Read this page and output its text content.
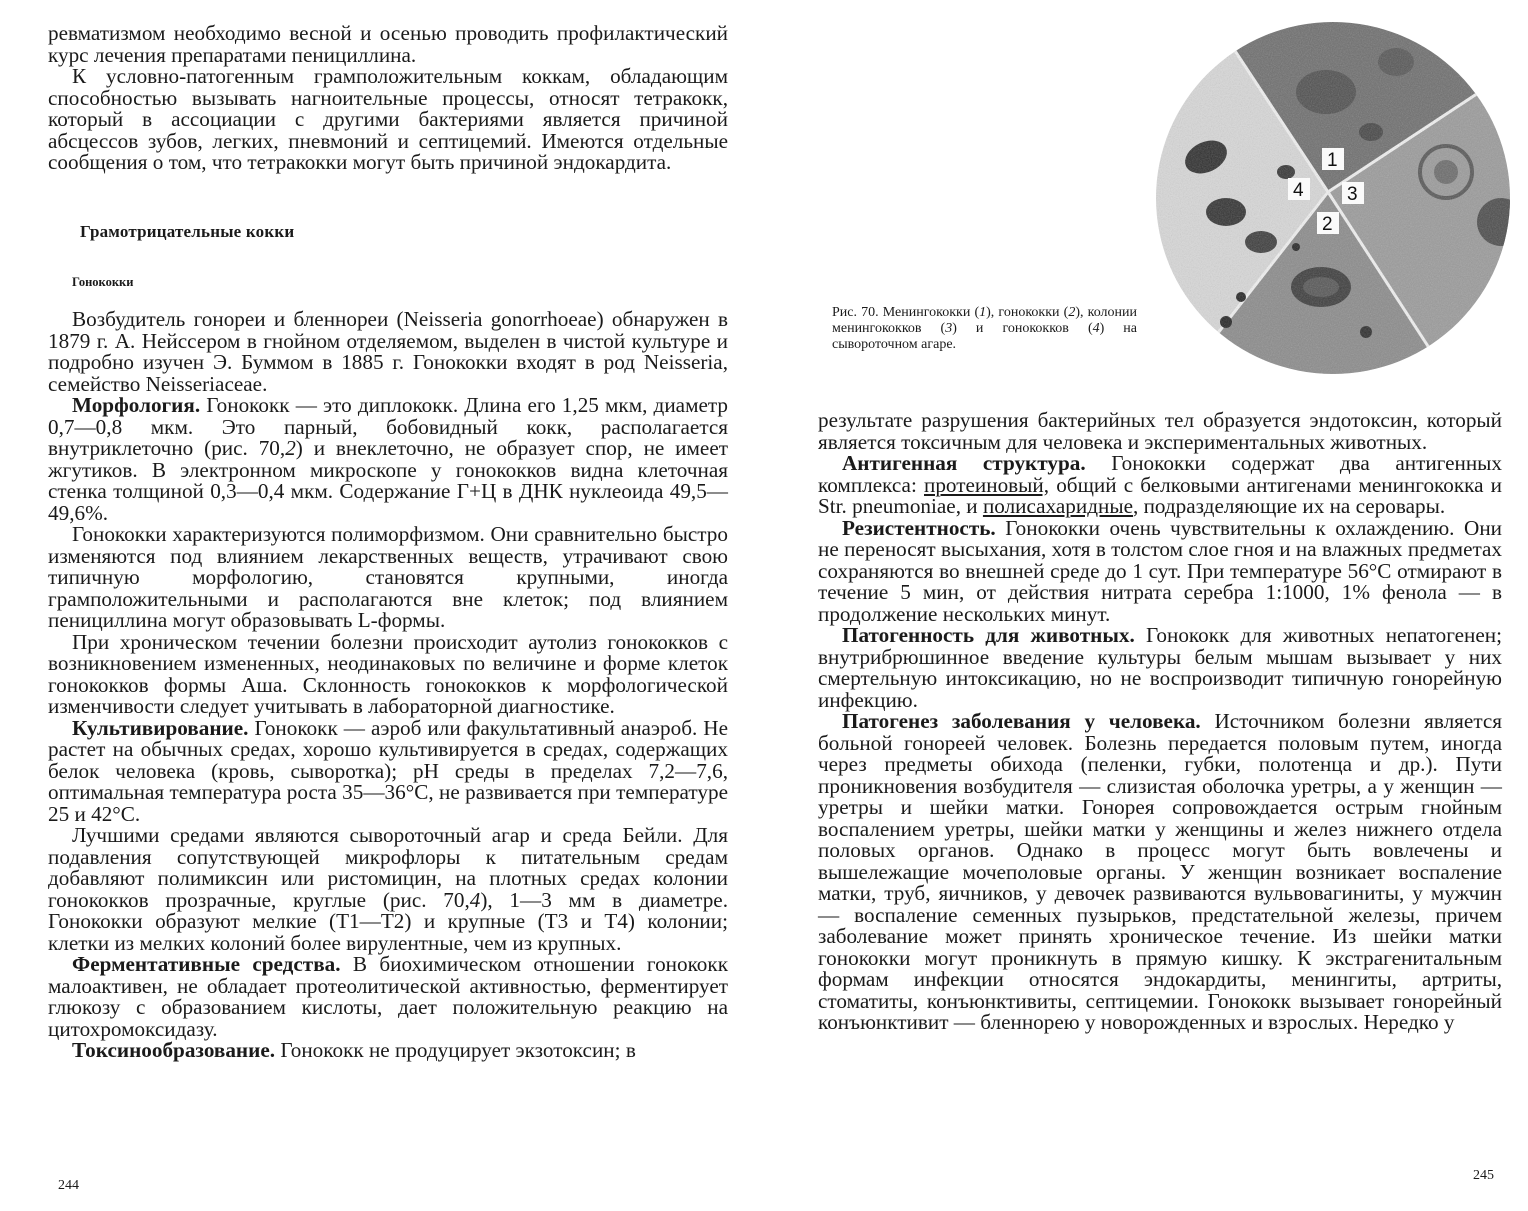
ревматизмом необходимо весной и осенью проводить профилактический курс лечения препаратами пенициллина.

К условно-патогенным грамположительным коккам, обладающим способностью вызывать нагноительные процессы, относят тетракокк, который в ассоциации с другими бактериями является причиной абсцессов зубов, легких, пневмоний и септицемий. Имеются отдельные сообщения о том, что тетракокки могут быть причиной эндокардита.

Грамотрицательные кокки
Гонококки

Возбудитель гонореи и бленнореи (Neisseria gonorrhoeae) обнаружен в 1879 г. А. Нейссером в гнойном отделяемом, выделен в чистой культуре и подробно изучен Э. Буммом в 1885 г. Гонококки входят в род Neisseria, семейство Neisseriaceae.

Морфология. Гонококк — это диплококк. Длина его 1,25 мкм, диаметр 0,7—0,8 мкм. Это парный, бобовидный кокк, располагается внутриклеточно (рис. 70,2) и внеклеточно, не образует спор, не имеет жгутиков. В электронном микроскопе у гонококков видна клеточная стенка толщиной 0,3—0,4 мкм. Содержание Г+Ц в ДНК нуклеоида 49,5—49,6%.

Гонококки характеризуются полиморфизмом. Они сравнительно быстро изменяются под влиянием лекарственных веществ, утрачивают свою типичную морфологию, становятся крупными, иногда грамположительными и располагаются вне клеток; под влиянием пенициллина могут образовывать L-формы.

При хроническом течении болезни происходит аутолиз гонококков с возникновением измененных, неодинаковых по величине и форме клеток гонококков формы Аша. Склонность гонококков к морфологической изменчивости следует учитывать в лабораторной диагностике.

Культивирование. Гонококк — аэроб или факультативный анаэроб. Не растет на обычных средах, хорошо культивируется в средах, содержащих белок человека (кровь, сыворотка); pH среды в пределах 7,2—7,6, оптимальная температура роста 35—36°С, не развивается при температуре 25 и 42°С.

Лучшими средами являются сывороточный агар и среда Бейли. Для подавления сопутствующей микрофлоры к питательным средам добавляют полимиксин или ристомицин, на плотных средах колонии гонококков прозрачные, круглые (рис. 70,4), 1—3 мм в диаметре. Гонококки образуют мелкие (Т1—Т2) и крупные (Т3 и Т4) колонии; клетки из мелких колоний более вирулентные, чем из крупных.

Ферментативные средства. В биохимическом отношении гонококк малоактивен, не обладает протеолитической активностью, ферментирует глюкозу с образованием кислоты, дает положительную реакцию на цитохромоксидазу.

Токсинообразование. Гонококк не продуцирует экзотоксин; в

244
1
3
2
4
Рис. 70. Менингококки (1), гонококки (2), колонии менингококков (3) и гонококков (4) на сывороточном агаре.

результате разрушения бактерийных тел образуется эндотоксин, который является токсичным для человека и экспериментальных животных.

Антигенная структура. Гонококки содержат два антигенных комплекса: протеиновый, общий с белковыми антигенами менингококка и Str. pneumoniae, и полисахаридные, подразделяющие их на серовары.

Резистентность. Гонококки очень чувствительны к охлаждению. Они не переносят высыхания, хотя в толстом слое гноя и на влажных предметах сохраняются во внешней среде до 1 сут. При температуре 56°С отмирают в течение 5 мин, от действия нитрата серебра 1:1000, 1% фенола — в продолжение нескольких минут.

Патогенность для животных. Гонококк для животных непатогенен; внутрибрюшинное введение культуры белым мышам вызывает у них смертельную интоксикацию, но не воспроизводит типичную гонорейную инфекцию.

Патогенез заболевания у человека. Источником болезни является больной гонореей человек. Болезнь передается половым путем, иногда через предметы обихода (пеленки, губки, полотенца и др.). Пути проникновения возбудителя — слизистая оболочка уретры, а у женщин — уретры и шейки матки. Гонорея сопровождается острым гнойным воспалением уретры, шейки матки у женщины и желез нижнего отдела половых органов. Однако в процесс могут быть вовлечены и вышележащие мочеполовые органы. У женщин возникает воспаление матки, труб, яичников, у девочек развиваются вульвовагиниты, у мужчин — воспаление семенных пузырьков, предстательной железы, причем заболевание может принять хроническое течение. Из шейки матки гонококки могут проникнуть в прямую кишку. К экстрагенитальным формам инфекции относятся эндокардиты, менингиты, артриты, стоматиты, конъюнктивиты, септицемии. Гонококк вызывает гонорейный конъюнктивит — бленнорею у новорожденных и взрослых. Нередко у

245
